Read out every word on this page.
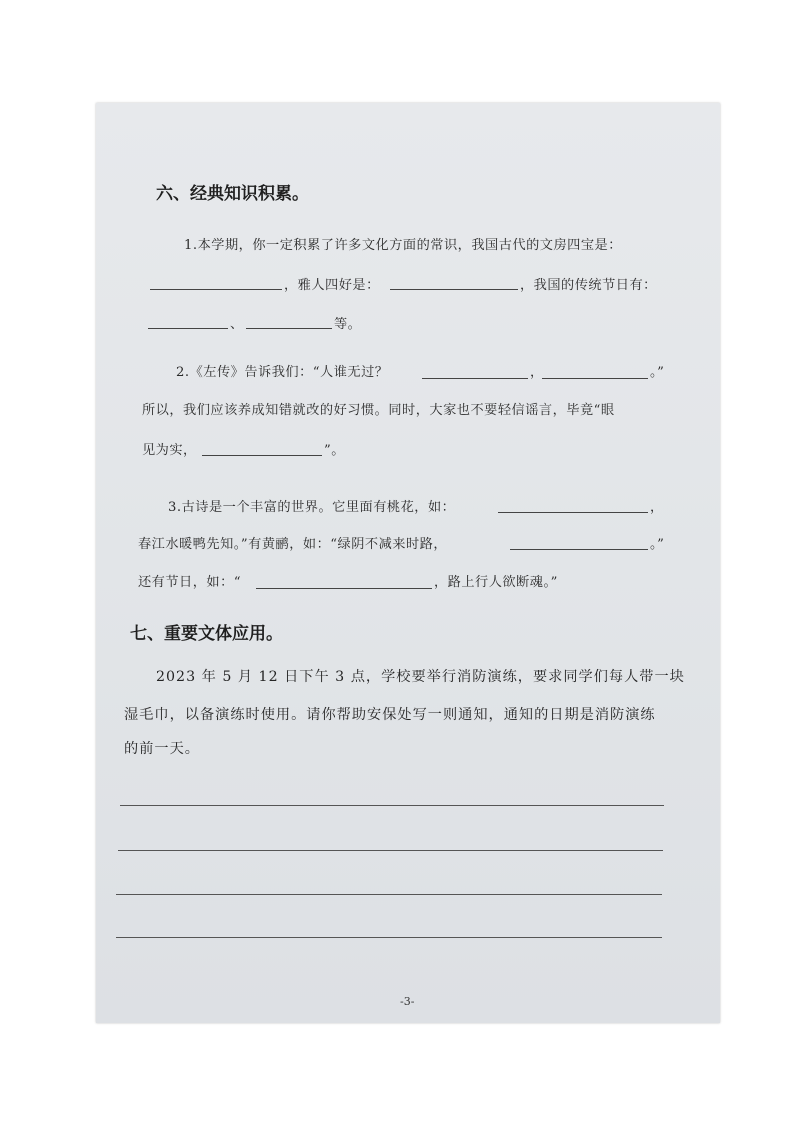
六、经典知识积累。
1.本学期，你一定积累了许多文化方面的常识，我国古代的文房四宝是：
，雅人四好是：	，我国的传统节日有：
、	等。
2.《左传》告诉我们：“人谁无过？	，	。”
所以，我们应该养成知错就改的好习惯。同时，大家也不要轻信谣言，毕竟“眼
见为实，	”。
3.古诗是一个丰富的世界。它里面有桃花，如：	，
春江水暖鸭先知。”有黄鹂，如：“绿阴不减来时路，	。”
还有节日，如：“	，路上行人欲断魂。”
七、重要文体应用。
2023 年 5 月 12 日下午 3 点，学校要举行消防演练，要求同学们每人带一块
湿毛巾，以备演练时使用。请你帮助安保处写一则通知，通知的日期是消防演练
的前一天。
-3-
